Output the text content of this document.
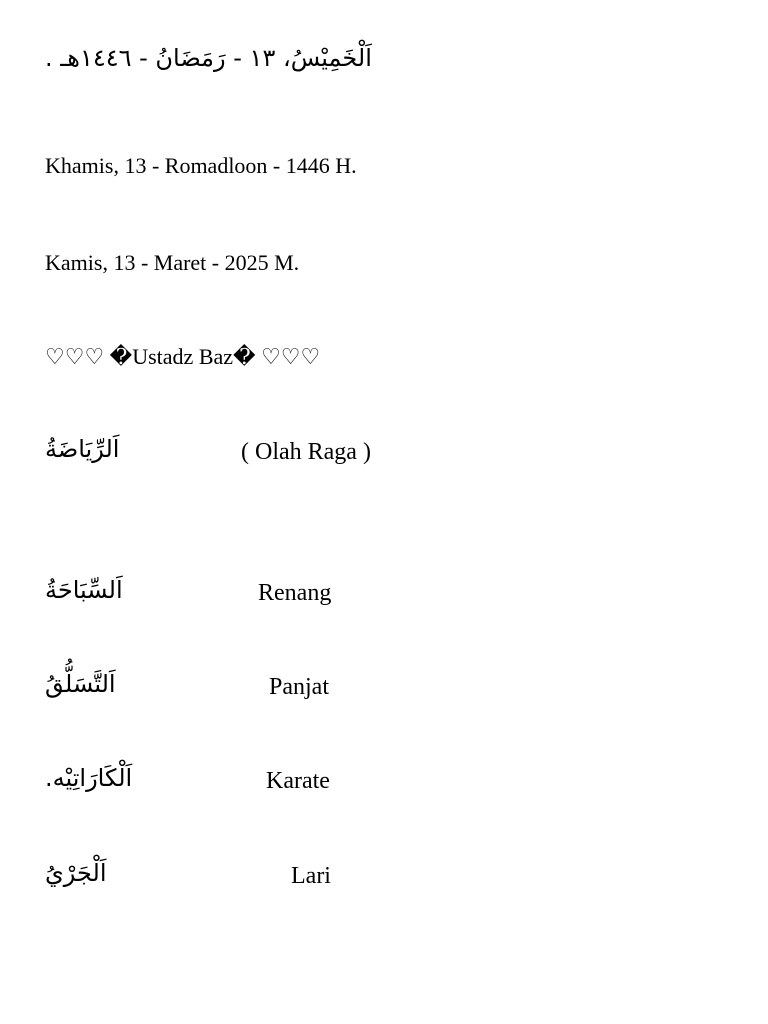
اَلْخَمِيْسُ، ١٣ - رَمَضَانُ - ١٤٤٦هـ .
Khamis, 13 - Romadloon - 1446 H.
Kamis, 13 - Maret - 2025 M.
♡♡♡ �Ustadz Baz� ♡♡♡
اَلرِّيَاضَةُ	( Olah Raga )
اَلسِّبَاحَةُ	Renang
اَلتَّسَلُّقُ	Panjat
اَلْكَارَاتِيْه.	Karate
اَلْجَرْيُ	Lari
